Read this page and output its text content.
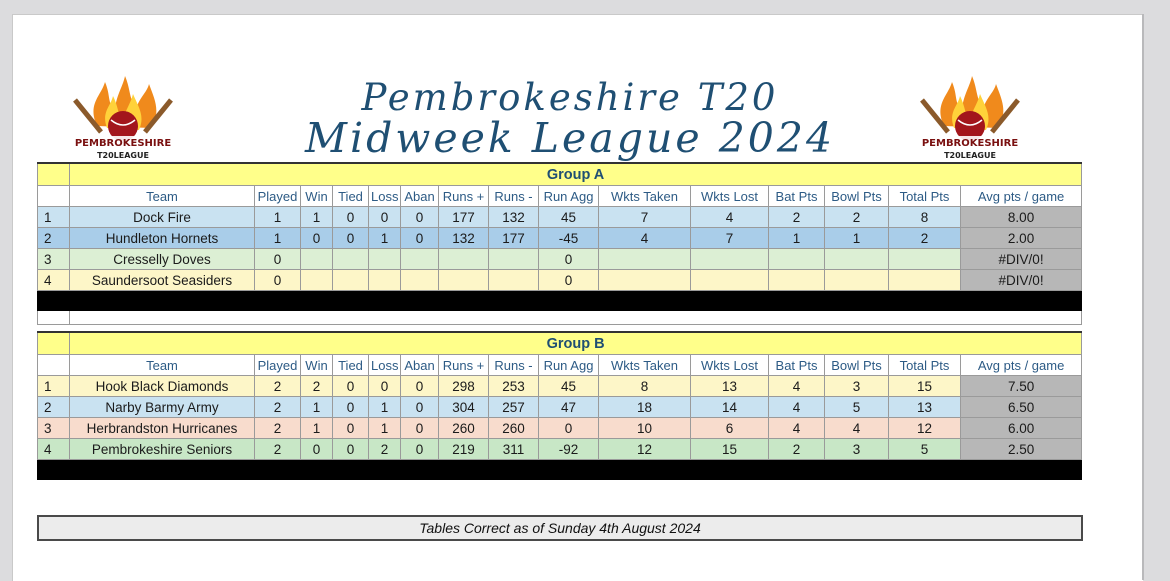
Pembrokeshire T20
Midweek League 2024
PEMBROKESHIRE
T20LEAGUE
PEMBROKESHIRE
T20LEAGUE
	Group A														
	Team	Played	Win	Tied	Loss	Aban	Runs +	Runs -	Run Agg	Wkts Taken	Wkts Lost	Bat Pts	Bowl Pts	Total Pts	Avg pts / game
1	Dock Fire	1	1	0	0	0	177	132	45	7	4	2	2	8	8.00
2	Hundleton Hornets	1	0	0	1	0	132	177	-45	4	7	1	1	2	2.00
3	Cresselly Doves	0							0						#DIV/0!
4	Saundersoot Seasiders	0							0						#DIV/0!

	Group B														
	Team	Played	Win	Tied	Loss	Aban	Runs +	Runs -	Run Agg	Wkts Taken	Wkts Lost	Bat Pts	Bowl Pts	Total Pts	Avg pts / game
1	Hook Black Diamonds	2	2	0	0	0	298	253	45	8	13	4	3	15	7.50
2	Narby Barmy Army	2	1	0	1	0	304	257	47	18	14	4	5	13	6.50
3	Herbrandston Hurricanes	2	1	0	1	0	260	260	0	10	6	4	4	12	6.00
4	Pembrokeshire Seniors	2	0	0	2	0	219	311	-92	12	15	2	3	5	2.50

Tables Correct as of Sunday 4th August 2024
